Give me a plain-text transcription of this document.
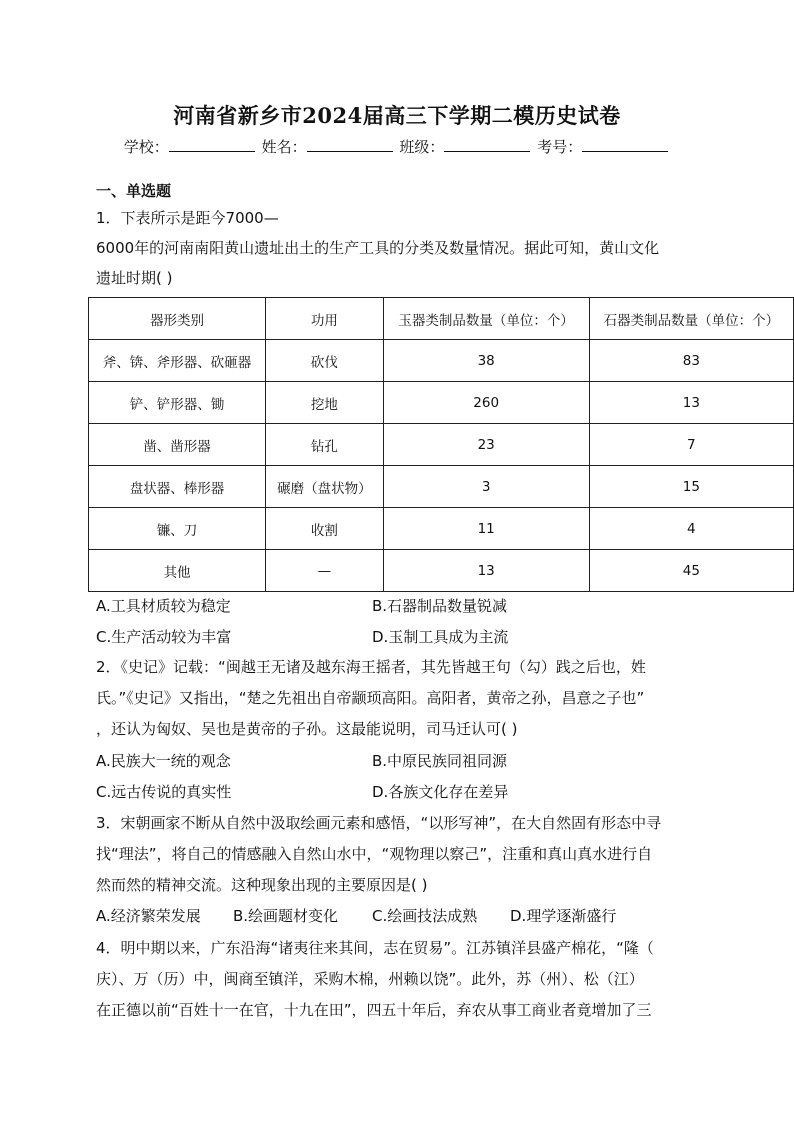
河南省新乡市2024届高三下学期二模历史试卷
学校：	姓名：	班级：	考号：
一、单选题
1．下表所示是距今7000—
6000年的河南南阳黄山遗址出土的生产工具的分类及数量情况。据此可知，黄山文化
遗址时期( )
器形类别	功用	玉器类制品数量（单位：个）	石器类制品数量（单位：个）
斧、锛、斧形器、砍砸器	砍伐	38	83
铲、铲形器、锄	挖地	260	13
凿、凿形器	钻孔	23	7
盘状器、棒形器	碾磨（盘状物）	3	15
镰、刀	收割	11	4
其他	—	13	45
A.工具材质较为稳定	B.石器制品数量锐减
C.生产活动较为丰富	D.玉制工具成为主流
2．《史记》记载：“闽越王无诸及越东海王摇者，其先皆越王句（勾）践之后也，姓
氏。”《史记》又指出，“楚之先祖出自帝颛顼高阳。高阳者，黄帝之孙，昌意之子也”
，还认为匈奴、吴也是黄帝的子孙。这最能说明，司马迁认可( )
A.民族大一统的观念	B.中原民族同祖同源
C.远古传说的真实性	D.各族文化存在差异
3．宋朝画家不断从自然中汲取绘画元素和感悟，“以形写神”，在大自然固有形态中寻
找“理法”，将自己的情感融入自然山水中，“观物理以察己”，注重和真山真水进行自
然而然的精神交流。这种现象出现的主要原因是( )
A.经济繁荣发展 B.绘画题材变化 C.绘画技法成熟 D.理学逐渐盛行
4．明中期以来，广东沿海“诸夷往来其间，志在贸易”。江苏镇洋县盛产棉花，“隆（
庆）、万（历）中，闽商至镇洋，采购木棉，州赖以饶”。此外，苏（州）、松（江）
在正德以前“百姓十一在官，十九在田”，四五十年后，弃农从事工商业者竟增加了三
